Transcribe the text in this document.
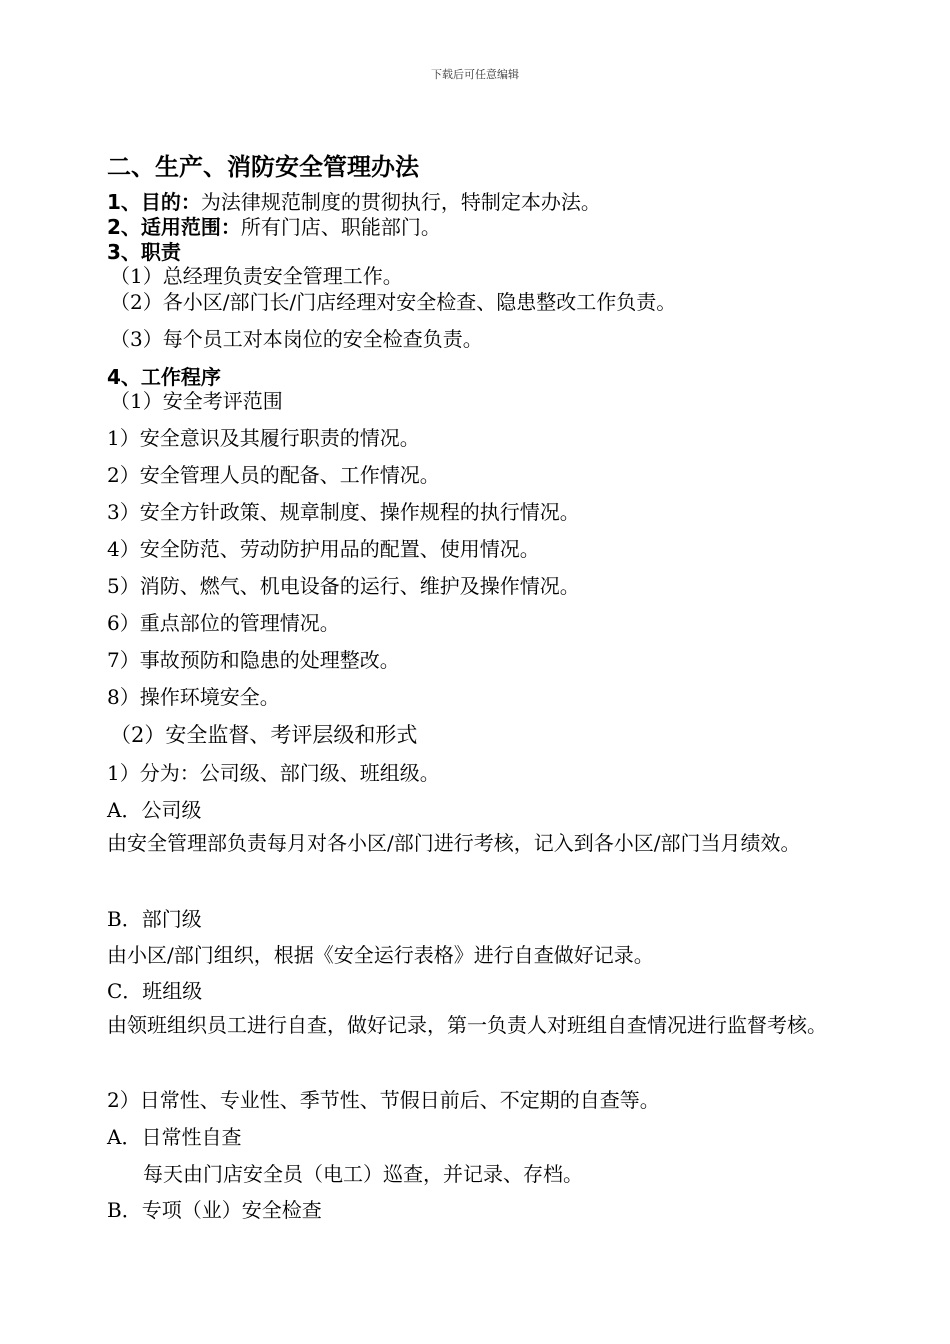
下载后可任意编辑
二、生产、消防安全管理办法
1、目的：为法律规范制度的贯彻执行，特制定本办法。
2、适用范围：所有门店、职能部门。
3、职责
（1）总经理负责安全管理工作。
（2）各小区/部门长/门店经理对安全检查、隐患整改工作负责。
（3）每个员工对本岗位的安全检查负责。
4、工作程序
（1）安全考评范围
1）安全意识及其履行职责的情况。
2）安全管理人员的配备、工作情况。
3）安全方针政策、规章制度、操作规程的执行情况。
4）安全防范、劳动防护用品的配置、使用情况。
5）消防、燃气、机电设备的运行、维护及操作情况。
6）重点部位的管理情况。
7）事故预防和隐患的处理整改。
8）操作环境安全。
（2）安全监督、考评层级和形式
1）分为：公司级、部门级、班组级。
A．公司级
由安全管理部负责每月对各小区/部门进行考核，记入到各小区/部门当月绩效。
B．部门级
由小区/部门组织，根据《安全运行表格》进行自查做好记录。
C．班组级
由领班组织员工进行自查，做好记录，第一负责人对班组自查情况进行监督考核。
2）日常性、专业性、季节性、节假日前后、不定期的自查等。
A．日常性自查
每天由门店安全员（电工）巡查，并记录、存档。
B．专项（业）安全检查
